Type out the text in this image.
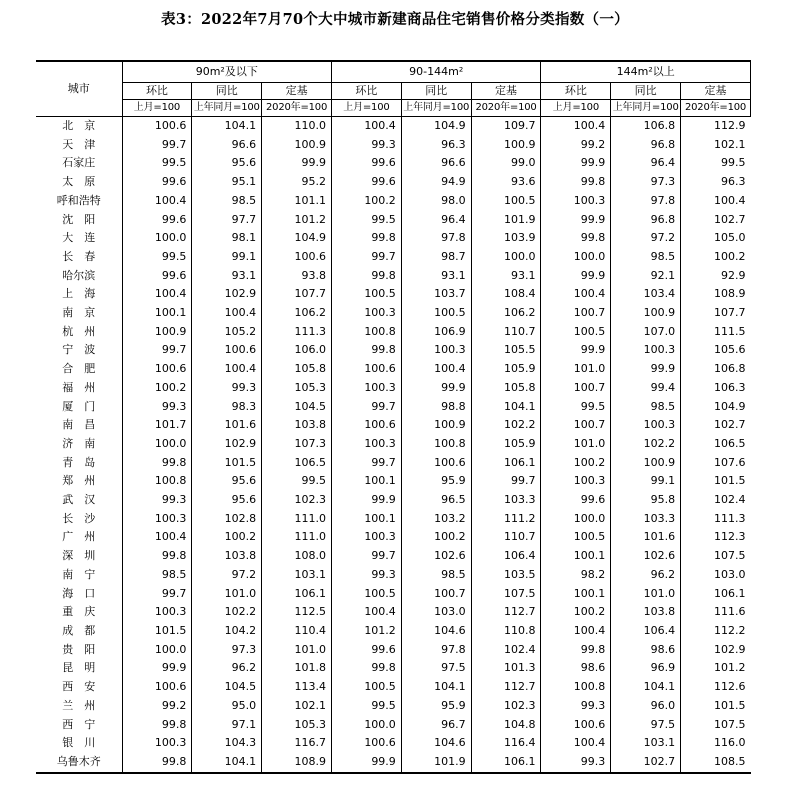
表3：2022年7月70个大中城市新建商品住宅销售价格分类指数（一）
城市	90m²及以下			90-144m²			144m²以上		
	环比	同比	定基	环比	同比	定基	环比	同比	定基
	上月=100	上年同月=100	2020年=100	上月=100	上年同月=100	2020年=100	上月=100	上年同月=100	2020年=100
北　京	100.6	104.1	110.0	100.4	104.9	109.7	100.4	106.8	112.9
天　津	99.7	96.6	100.9	99.3	96.3	100.9	99.2	96.8	102.1
石家庄	99.5	95.6	99.9	99.6	96.6	99.0	99.9	96.4	99.5
太　原	99.6	95.1	95.2	99.6	94.9	93.6	99.8	97.3	96.3
呼和浩特	100.4	98.5	101.1	100.2	98.0	100.5	100.3	97.8	100.4
沈　阳	99.6	97.7	101.2	99.5	96.4	101.9	99.9	96.8	102.7
大　连	100.0	98.1	104.9	99.8	97.8	103.9	99.8	97.2	105.0
长　春	99.5	99.1	100.6	99.7	98.7	100.0	100.0	98.5	100.2
哈尔滨	99.6	93.1	93.8	99.8	93.1	93.1	99.9	92.1	92.9
上　海	100.4	102.9	107.7	100.5	103.7	108.4	100.4	103.4	108.9
南　京	100.1	100.4	106.2	100.3	100.5	106.2	100.7	100.9	107.7
杭　州	100.9	105.2	111.3	100.8	106.9	110.7	100.5	107.0	111.5
宁　波	99.7	100.6	106.0	99.8	100.3	105.5	99.9	100.3	105.6
合　肥	100.6	100.4	105.8	100.6	100.4	105.9	101.0	99.9	106.8
福　州	100.2	99.3	105.3	100.3	99.9	105.8	100.7	99.4	106.3
厦　门	99.3	98.3	104.5	99.7	98.8	104.1	99.5	98.5	104.9
南　昌	101.7	101.6	103.8	100.6	100.9	102.2	100.7	100.3	102.7
济　南	100.0	102.9	107.3	100.3	100.8	105.9	101.0	102.2	106.5
青　岛	99.8	101.5	106.5	99.7	100.6	106.1	100.2	100.9	107.6
郑　州	100.8	95.6	99.5	100.1	95.9	99.7	100.3	99.1	101.5
武　汉	99.3	95.6	102.3	99.9	96.5	103.3	99.6	95.8	102.4
长　沙	100.3	102.8	111.0	100.1	103.2	111.2	100.0	103.3	111.3
广　州	100.4	100.2	111.0	100.3	100.2	110.7	100.5	101.6	112.3
深　圳	99.8	103.8	108.0	99.7	102.6	106.4	100.1	102.6	107.5
南　宁	98.5	97.2	103.1	99.3	98.5	103.5	98.2	96.2	103.0
海　口	99.7	101.0	106.1	100.5	100.7	107.5	100.1	101.0	106.1
重　庆	100.3	102.2	112.5	100.4	103.0	112.7	100.2	103.8	111.6
成　都	101.5	104.2	110.4	101.2	104.6	110.8	100.4	106.4	112.2
贵　阳	100.0	97.3	101.0	99.6	97.8	102.4	99.8	98.6	102.9
昆　明	99.9	96.2	101.8	99.8	97.5	101.3	98.6	96.9	101.2
西　安	100.6	104.5	113.4	100.5	104.1	112.7	100.8	104.1	112.6
兰　州	99.2	95.0	102.1	99.5	95.9	102.3	99.3	96.0	101.5
西　宁	99.8	97.1	105.3	100.0	96.7	104.8	100.6	97.5	107.5
银　川	100.3	104.3	116.7	100.6	104.6	116.4	100.4	103.1	116.0
乌鲁木齐	99.8	104.1	108.9	99.9	101.9	106.1	99.3	102.7	108.5
